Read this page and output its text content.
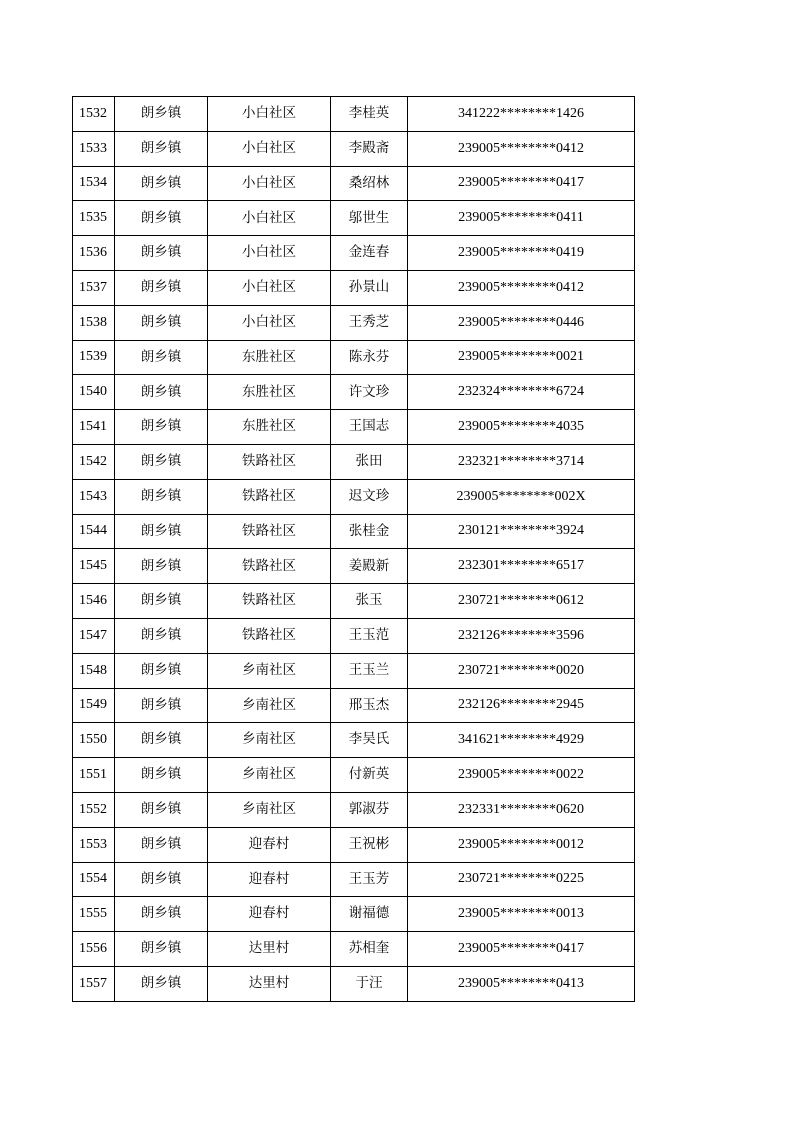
1532	朗乡镇	小白社区	李桂英	341222********1426
1533	朗乡镇	小白社区	李殿斋	239005********0412
1534	朗乡镇	小白社区	桑绍林	239005********0417
1535	朗乡镇	小白社区	邬世生	239005********0411
1536	朗乡镇	小白社区	金连春	239005********0419
1537	朗乡镇	小白社区	孙景山	239005********0412
1538	朗乡镇	小白社区	王秀芝	239005********0446
1539	朗乡镇	东胜社区	陈永芬	239005********0021
1540	朗乡镇	东胜社区	许文珍	232324********6724
1541	朗乡镇	东胜社区	王国志	239005********4035
1542	朗乡镇	铁路社区	张田	232321********3714
1543	朗乡镇	铁路社区	迟文珍	239005********002X
1544	朗乡镇	铁路社区	张桂金	230121********3924
1545	朗乡镇	铁路社区	姜殿新	232301********6517
1546	朗乡镇	铁路社区	张玉	230721********0612
1547	朗乡镇	铁路社区	王玉范	232126********3596
1548	朗乡镇	乡南社区	王玉兰	230721********0020
1549	朗乡镇	乡南社区	邢玉杰	232126********2945
1550	朗乡镇	乡南社区	李吴氏	341621********4929
1551	朗乡镇	乡南社区	付新英	239005********0022
1552	朗乡镇	乡南社区	郭淑芬	232331********0620
1553	朗乡镇	迎春村	王祝彬	239005********0012
1554	朗乡镇	迎春村	王玉芳	230721********0225
1555	朗乡镇	迎春村	谢福德	239005********0013
1556	朗乡镇	达里村	苏相奎	239005********0417
1557	朗乡镇	达里村	于汪	239005********0413
